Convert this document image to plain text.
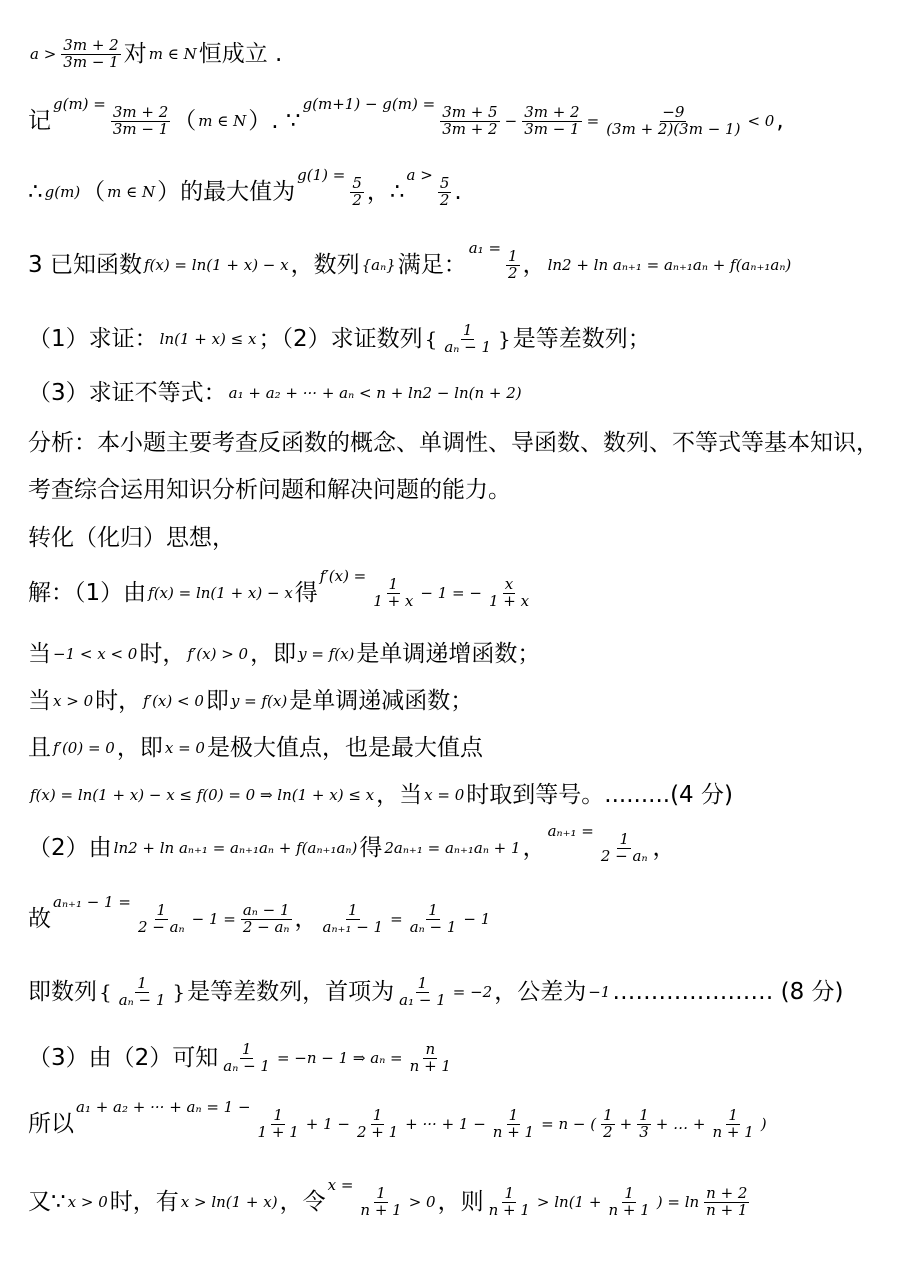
$a > \frac{3m + 2}{3m - 1}$ 对 m ∈ N 恒成立 .
记
g(m) =
$\frac{3m + 2}{3m - 1}$ （ m ∈ N ）. ∵
g(m+1) − g(m) =
$\frac{3m + 5}{3m + 2} - \frac{3m + 2}{3m - 1} = \frac{-9}{(3m + 2)(3m - 1)} < 0$ ,
∴ g(m) （ m ∈ N ）的最大值为
g(1) =
$\frac{5}{2}$ ，∴
a >
$\frac{5}{2}$ .
3 已知函数 f(x) = ln(1 + x) − x ，数列 {aₙ} 满足：
a₁ =
$\frac{1}{2}$ ， ln2 + ln aₙ₊₁ = aₙ₊₁aₙ + f(aₙ₊₁aₙ)
（1）求证： ln(1 + x) ≤ x ；（2）求证数列 { $\frac{1}{\text{aₙ − 1}}$ } 是等差数列；
（3）求证不等式： a₁ + a₂ + ··· + aₙ < n + ln2 − ln(n + 2)
分析：本小题主要考查反函数的概念、单调性、导函数、数列、不等式等基本知识，
考查综合运用知识分析问题和解决问题的能力。
转化（化归）思想，
解：（1）由 f(x) = ln(1 + x) − x 得
f′(x) =
$\frac{1}{1 + x} - 1$ = − $\frac{x}{1 + x}$
当 −1 < x < 0 时， f′(x) > 0 ，即 y = f(x) 是单调递增函数；
当 x > 0 时， f′(x) < 0 即 y = f(x) 是单调递减函数；
且 f′(0) = 0 ，即 x = 0 是极大值点，也是最大值点
f(x) = ln(1 + x) − x ≤ f(0) = 0 ⇒ ln(1 + x) ≤ x ，当 x = 0 时取到等号。.........(4 分)
（2）由 ln2 + ln aₙ₊₁ = aₙ₊₁aₙ + f(aₙ₊₁aₙ) 得 2aₙ₊₁ = aₙ₊₁aₙ + 1 ，
aₙ₊₁ =
$\frac{1}{\text{2 − aₙ}}$ ，
故
aₙ₊₁ − 1 =
$\frac{1}{\text{2 − aₙ}} - 1 = \frac{\text{aₙ − 1}}{\text{2 − aₙ}}$ ， $\frac{1}{\text{aₙ₊₁ − 1}} = \frac{1}{\text{aₙ − 1}} - 1$
即数列 { $\frac{1}{\text{aₙ − 1}}$ } 是等差数列，首项为 $\frac{1}{\text{a₁ − 1}} = -2$ ，公差为 −1 ………………… (8 分)
（3）由（2）可知 $\frac{1}{\text{aₙ − 1}} = -n - 1$ ⇒ $a_n = \frac{n}{n + 1}$
所以
a₁ + a₂ + ··· + aₙ = 1 −
$\frac{1}{1 + 1} + 1 - \frac{1}{2 + 1}$ + ··· + $1 - \frac{1}{n + 1} = n$ − ( $\frac{1}{2} + \frac{1}{3}$ + … + $\frac{1}{n + 1}$ )
又∵ x > 0 时，有 x > ln(1 + x) ，令
x =
$\frac{1}{n + 1} > 0$ ，则 $\frac{1}{n + 1} > \ln(1 + \frac{1}{n + 1}$ ) = $\ln \frac{n + 2}{n + 1}$
